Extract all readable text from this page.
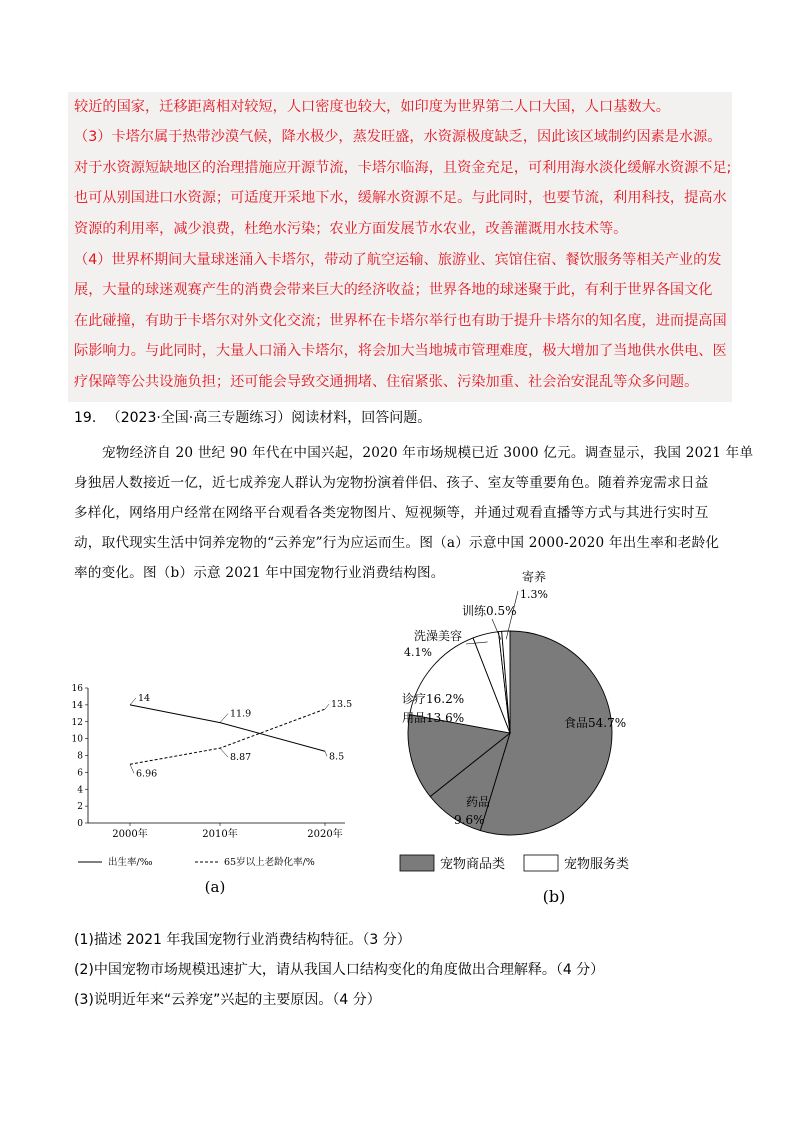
较近的国家，迁移距离相对较短，人口密度也较大，如印度为世界第二人口大国，人口基数大。
（3）卡塔尔属于热带沙漠气候，降水极少，蒸发旺盛，水资源极度缺乏，因此该区域制约因素是水源。
对于水资源短缺地区的治理措施应开源节流，卡塔尔临海，且资金充足，可利用海水淡化缓解水资源不足;
也可从别国进口水资源；可适度开采地下水，缓解水资源不足。与此同时，也要节流，利用科技，提高水
资源的利用率，减少浪费，杜绝水污染；农业方面发展节水农业，改善灌溉用水技术等。
（4）世界杯期间大量球迷涌入卡塔尔，带动了航空运输、旅游业、宾馆住宿、餐饮服务等相关产业的发
展，大量的球迷观赛产生的消费会带来巨大的经济收益；世界各地的球迷聚于此，有利于世界各国文化
在此碰撞，有助于卡塔尔对外文化交流；世界杯在卡塔尔举行也有助于提升卡塔尔的知名度，进而提高国
际影响力。与此同时，大量人口涌入卡塔尔，将会加大当地城市管理难度，极大增加了当地供水供电、医
疗保障等公共设施负担；还可能会导致交通拥堵、住宿紧张、污染加重、社会治安混乱等众多问题。
19. （2023·全国·高三专题练习）阅读材料，回答问题。
宠物经济自 20 世纪 90 年代在中国兴起，2020 年市场规模已近 3000 亿元。调查显示，我国 2021 年单
身独居人数接近一亿，近七成养宠人群认为宠物扮演着伴侣、孩子、室友等重要角色。随着养宠需求日益
多样化，网络用户经常在网络平台观看各类宠物图片、短视频等，并通过观看直播等方式与其进行实时互
动，取代现实生活中饲养宠物的“云养宠”行为应运而生。图（a）示意中国 2000-2020 年出生率和老龄化
率的变化。图（b）示意 2021 年中国宠物行业消费结构图。
0
2
4
6
8
10
12
14
16
2000年	2010年	2020年
14
11.9
8.5
6.96
8.87
13.5
出生率/‰	65岁以上老龄化率/%
(a)
食品54.7%
药品
9.6%
用品13.6%
诊疗16.2%
洗澡美容
4.1%
训练0.5%
寄养
1.3%
宠物商品类	宠物服务类
(b)
(1)描述 2021 年我国宠物行业消费结构特征。（3 分）
(2)中国宠物市场规模迅速扩大，请从我国人口结构变化的角度做出合理解释。（4 分）
(3)说明近年来“云养宠”兴起的主要原因。（4 分）
